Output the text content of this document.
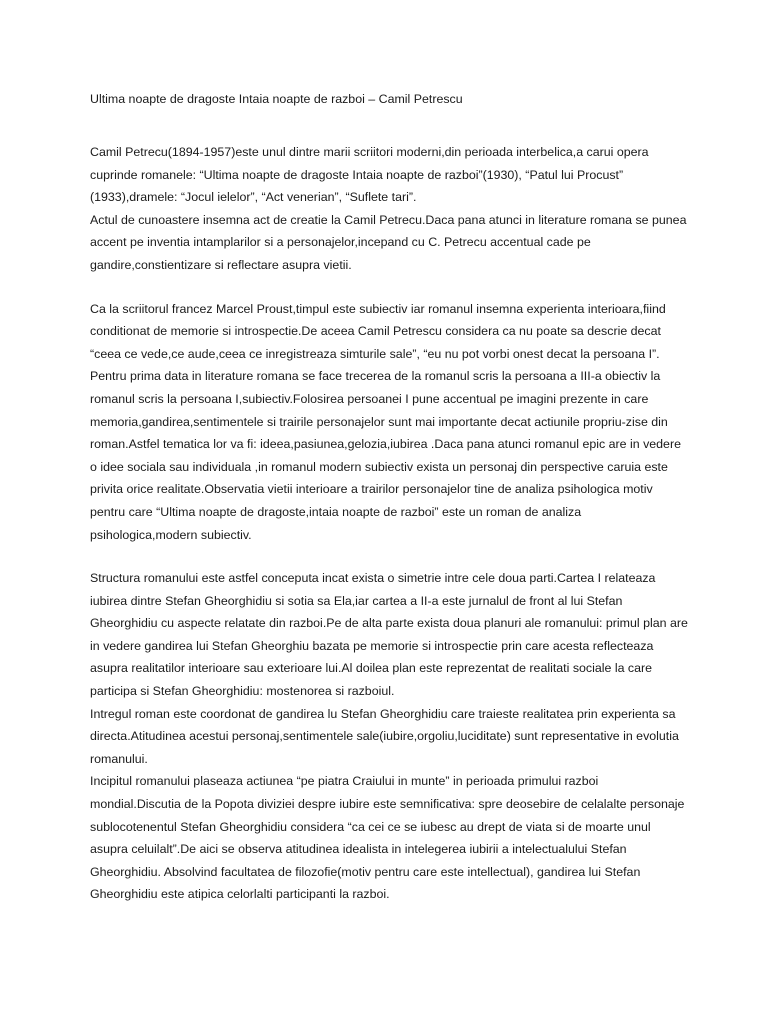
Ultima noapte de dragoste Intaia noapte de razboi – Camil Petrescu

Camil Petrecu(1894-1957)este unul dintre marii scriitori moderni,din perioada interbelica,a carui opera cuprinde romanele: “Ultima noapte de dragoste Intaia noapte de razboi”(1930), “Patul lui Procust” (1933),dramele: “Jocul ielelor”, “Act venerian”, “Suflete tari”.

Actul de cunoastere insemna act de creatie la Camil Petrecu.Daca pana atunci in literature romana se punea accent pe inventia intamplarilor si a personajelor,incepand cu C. Petrecu accentual cade pe gandire,constientizare si reflectare asupra vietii.

Ca la scriitorul francez Marcel Proust,timpul este subiectiv iar romanul insemna experienta interioara,fiind conditionat de memorie si introspectie.De aceea Camil Petrescu considera ca nu poate sa descrie decat “ceea ce vede,ce aude,ceea ce inregistreaza simturile sale”, “eu nu pot vorbi onest decat la persoana I”. Pentru prima data in literature romana se face trecerea de la romanul scris la persoana a III-a obiectiv la romanul scris la persoana I,subiectiv.Folosirea persoanei I pune accentual pe imagini prezente in care memoria,gandirea,sentimentele si trairile personajelor sunt mai importante decat actiunile propriu-zise din roman.Astfel tematica lor va fi: ideea,pasiunea,gelozia,iubirea .Daca pana atunci romanul epic are in vedere o idee sociala sau individuala ,in romanul modern subiectiv exista un personaj din perspective caruia este privita orice realitate.Observatia vietii interioare a trairilor personajelor tine de analiza psihologica motiv pentru care “Ultima noapte de dragoste,intaia noapte de razboi” este un roman de analiza psihologica,modern subiectiv.

Structura romanului este astfel conceputa incat exista o simetrie intre cele doua parti.Cartea I relateaza iubirea dintre Stefan Gheorghidiu si sotia sa Ela,iar cartea a II-a este jurnalul de front al lui Stefan Gheorghidiu cu aspecte relatate din razboi.Pe de alta parte exista doua planuri ale romanului: primul plan are in vedere gandirea lui Stefan Gheorghiu bazata pe memorie si introspectie prin care acesta reflecteaza asupra realitatilor interioare sau exterioare lui.Al doilea plan este reprezentat de realitati sociale la care participa si Stefan Gheorghidiu: mostenorea si razboiul.

Intregul roman este coordonat de gandirea lu Stefan Gheorghidiu care traieste realitatea prin experienta sa directa.Atitudinea acestui personaj,sentimentele sale(iubire,orgoliu,luciditate) sunt representative in evolutia romanului.

Incipitul romanului plaseaza actiunea “pe piatra Craiului in munte” in perioada primului razboi mondial.Discutia de la Popota diviziei despre iubire este semnificativa: spre deosebire de celalalte personaje sublocotenentul Stefan Gheorghidiu considera “ca cei ce se iubesc au drept de viata si de moarte unul asupra celuilalt”.De aici se observa atitudinea idealista in intelegerea iubirii a intelectualului Stefan Gheorghidiu. Absolvind facultatea de filozofie(motiv pentru care este intellectual), gandirea lui Stefan Gheorghidiu este atipica celorlalti participanti la razboi.
